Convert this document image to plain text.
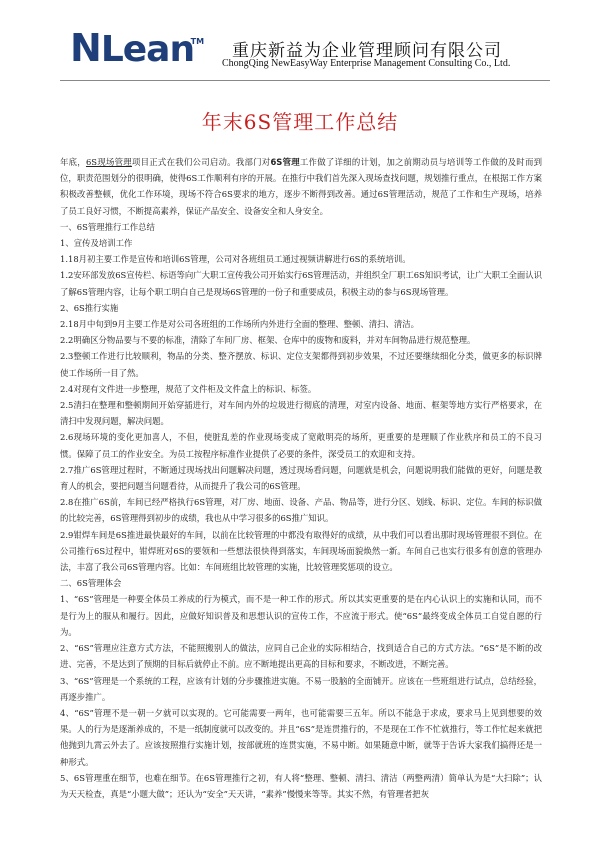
NLean
TM 重庆新益为企业管理顾问有限公司
ChongQing NewEasyWay Enterprise Management Consulting Co., Ltd.
年末6S管理工作总结

年底，6S现场管理项目正式在我们公司启动。我部门对6S管理工作做了详细的计划，加之前期动员与培训等工作做的及时而到位，职责范围划分的很明确，使得6S工作顺利有序的开展。在推行中我们首先深入现场查找问题，规划推行重点，在根据工作方案积极改善整顿，优化工作环境，现场不符合6S要求的地方，逐步不断得到改善。通过6S管理活动，规范了工作和生产现场，培养了员工良好习惯，不断提高素养，保证产品安全、设备安全和人身安全。

一、6S管理推行工作总结

1、宣传及培训工作

1.18月初主要工作是宣传和培训6S管理，公司对各班组员工通过视频讲解进行6S的系统培训。

1.2安环部发放6S宣传栏、标语等向广大职工宣传我公司开始实行6S管理活动，并组织全厂职工6S知识考试，让广大职工全面认识了解6S管理内容，让每个职工明白自己是现场6S管理的一份子和重要成员，积极主动的参与6S现场管理。

2、6S推行实施

2.18月中旬到9月主要工作是对公司各班组的工作场所内外进行全面的整理、整顿、清扫、清洁。

2.2明确区分物品要与不要的标准，清除了车间厂房、框架、仓库中的废物和废料，并对车间物品进行规范整理。

2.3整顿工作进行比较顺利，物品的分类、整齐摆放、标识、定位支架都得到初步效果，不过还要继续细化分类，做更多的标识牌使工作场所一目了然。

2.4对现有文件进一步整理，规范了文件柜及文件盒上的标识、标签。

2.5清扫在整理和整顿期间开始穿插进行，对车间内外的垃圾进行彻底的清理，对室内设备、地面、框架等地方实行严格要求，在清扫中发现问题，解决问题。

2.6现场环境的变化更加喜人，不但，使脏乱差的作业现场变成了宽敞明亮的场所，更重要的是理顺了作业秩序和员工的不良习惯。保障了员工的作业安全。为员工按程序标准作业提供了必要的条件，深受员工的欢迎和支持。

2.7推广6S管理过程时，不断通过现场找出问题解决问题，透过现场看问题，问题就是机会，问题说明我们能做的更好，问题是教育人的机会，要把问题当问题看待，从而提升了我公司的6S管理。

2.8在推广6S前，车间已经严格执行6S管理，对厂房、地面、设备、产品、物品等，进行分区、划线、标识、定位。车间的标识做的比较完善，6S管理得到初步的成绩，我也从中学习很多的6S推广知识。

2.9钳焊车间是6S推进最快最好的车间，以前在比较管理的中都没有取得好的成绩，从中我们可以看出那时现场管理很不到位。在公司推行6S过程中，钳焊班对6S的要领和一些想法很快得到落实，车间现场面貌焕然一新。车间自己也实行很多有创意的管理办法，丰富了我公司6S管理内容。比如：车间班组比较管理的实施，比较管理奖惩项的设立。

二、6S管理体会

1、“6S”管理是一种要全体员工养成的行为模式，而不是一种工作的形式。所以其实更重要的是在内心认识上的实施和认同，而不是行为上的服从和履行。因此，应做好知识普及和思想认识的宣传工作，不应流于形式。使“6S”最终变成全体员工自觉自愿的行为。

2、“6S”管理应注意方式方法，不能照搬别人的做法，应同自己企业的实际相结合，找到适合自己的方式方法。“6S”是不断的改进、完善，不是达到了预期的目标后就停止不前。应不断地提出更高的目标和要求，不断改进，不断完善。

3、“6S”管理是一个系统的工程，应该有计划的分步骤推进实施。不易一股脑的全面铺开。应该在一些班组进行试点，总结经验，再逐步推广。

4、“6S”管理不是一朝一夕就可以实现的。它可能需要一两年，也可能需要三五年。所以不能急于求成，要求马上见到想要的效果。人的行为是逐渐养成的，不是一纸制度就可以改变的。并且“6S”是连贯推行的，不是现在工作不忙就推行，等工作忙起来就把他抛到九霄云外去了。应该按照推行实施计划，按部就班的连贯实施，不易中断。如果随意中断，就等于告诉大家我们搞得还是一种形式。

5、6S管理重在细节，也难在细节。在6S管理推行之初，有人将“整理、整顿、清扫、清洁（两整两清）简单认为是“大扫除”；认为天天检查，真是“小题大做”；还认为“安全”天天讲，“素养”慢慢来等等。其实不然，有管理者把灰
